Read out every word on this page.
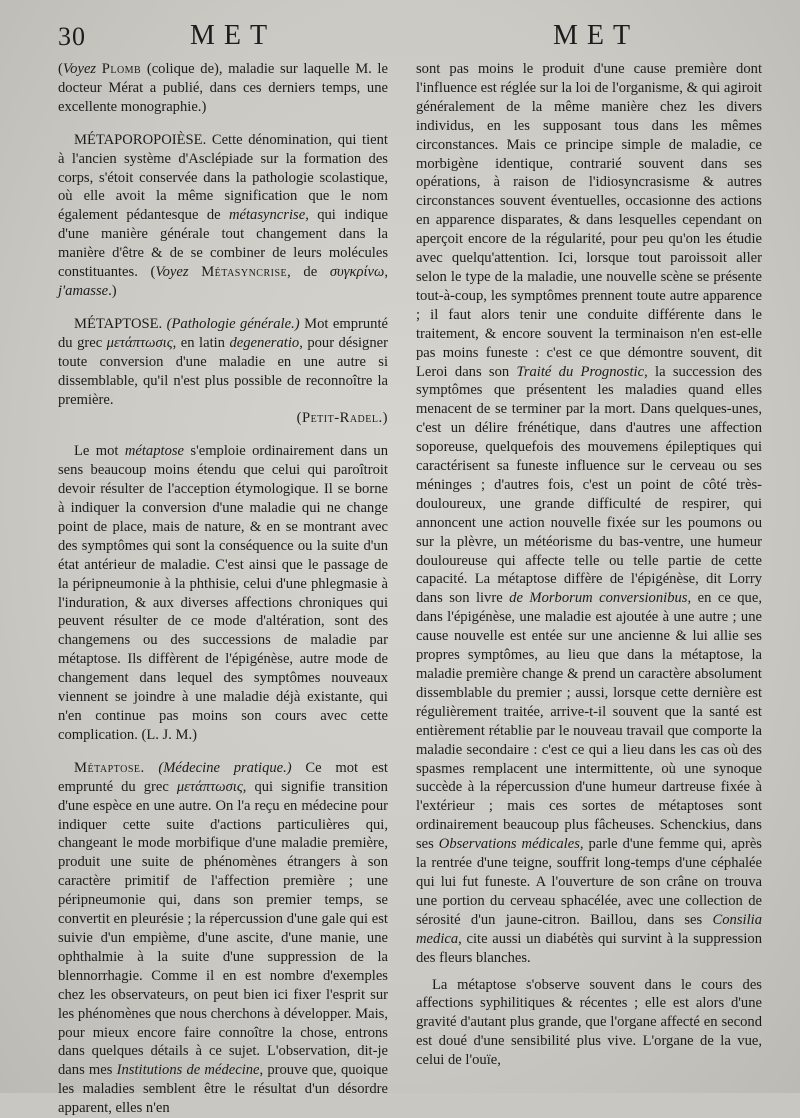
30	MET	MET

(Voyez Plomb (colique de), maladie sur laquelle M. le docteur Mérat a publié, dans ces derniers temps, une excellente monographie.)

MÉTAPOROPOIÈSE. Cette dénomination, qui tient à l'ancien système d'Asclépiade sur la formation des corps, s'étoit conservée dans la pathologie scolastique, où elle avoit la même signification que le nom également pédantesque de métasyncrise, qui indique d'une manière générale tout changement dans la manière d'être & de se combiner de leurs molécules constituantes. (Voyez Métasyncrise, de συγκρίνω, j'amasse.)

MÉTAPTOSE. (Pathologie générale.) Mot emprunté du grec μετάπτωσις, en latin degeneratio, pour désigner toute conversion d'une maladie en une autre si dissemblable, qu'il n'est plus possible de reconnoître la première.

(Petit-Radel.)

Le mot métaptose s'emploie ordinairement dans un sens beaucoup moins étendu que celui qui paroîtroit devoir résulter de l'acception étymologique. Il se borne à indiquer la conversion d'une maladie qui ne change point de place, mais de nature, & en se montrant avec des symptômes qui sont la conséquence ou la suite d'un état antérieur de maladie. C'est ainsi que le passage de la péripneumonie à la phthisie, celui d'une phlegmasie à l'induration, & aux diverses affections chroniques qui peuvent résulter de ce mode d'altération, sont des changemens ou des successions de maladie par métaptose. Ils diffèrent de l'épigénèse, autre mode de changement dans lequel des symptômes nouveaux viennent se joindre à une maladie déjà existante, qui n'en continue pas moins son cours avec cette complication. (L. J. M.)

Métaptose. (Médecine pratique.) Ce mot est emprunté du grec μετάπτωσις, qui signifie transition d'une espèce en une autre. On l'a reçu en médecine pour indiquer cette suite d'actions particulières qui, changeant le mode morbifique d'une maladie première, produit une suite de phénomènes étrangers à son caractère primitif de l'affection première ; une péripneumonie qui, dans son premier temps, se convertit en pleurésie ; la répercussion d'une gale qui est suivie d'un empième, d'une ascite, d'une manie, une ophthalmie à la suite d'une suppression de la blennorrhagie. Comme il en est nombre d'exemples chez les observateurs, on peut bien ici fixer l'esprit sur les phénomènes que nous cherchons à développer. Mais, pour mieux encore faire connoître la chose, entrons dans quelques détails à ce sujet. L'observation, dit-je dans mes Institutions de médecine, prouve que, quoique les maladies semblent être le résultat d'un désordre apparent, elles n'en

sont pas moins le produit d'une cause première dont l'influence est réglée sur la loi de l'organisme, & qui agiroit généralement de la même manière chez les divers individus, en les supposant tous dans les mêmes circonstances. Mais ce principe simple de maladie, ce morbigène identique, contrarié souvent dans ses opérations, à raison de l'idiosyncrasisme & autres circonstances souvent éventuelles, occasionne des actions en apparence disparates, & dans lesquelles cependant on aperçoit encore de la régularité, pour peu qu'on les étudie avec quelqu'attention. Ici, lorsque tout paroissoit aller selon le type de la maladie, une nouvelle scène se présente tout-à-coup, les symptômes prennent toute autre apparence ; il faut alors tenir une conduite différente dans le traitement, & encore souvent la terminaison n'en est-elle pas moins funeste : c'est ce que démontre souvent, dit Leroi dans son Traité du Prognostic, la succession des symptômes que présentent les maladies quand elles menacent de se terminer par la mort. Dans quelques-unes, c'est un délire frénétique, dans d'autres une affection soporeuse, quelquefois des mouvemens épileptiques qui caractérisent sa funeste influence sur le cerveau ou ses méninges ; d'autres fois, c'est un point de côté très-douloureux, une grande difficulté de respirer, qui annoncent une action nouvelle fixée sur les poumons ou sur la plèvre, un météorisme du bas-ventre, une humeur douloureuse qui affecte telle ou telle partie de cette capacité. La métaptose diffère de l'épigénèse, dit Lorry dans son livre de Morborum conversionibus, en ce que, dans l'épigénèse, une maladie est ajoutée à une autre ; une cause nouvelle est entée sur une ancienne & lui allie ses propres symptômes, au lieu que dans la métaptose, la maladie première change & prend un caractère absolument dissemblable du premier ; aussi, lorsque cette dernière est régulièrement traitée, arrive-t-il souvent que la santé est entièrement rétablie par le nouveau travail que comporte la maladie secondaire : c'est ce qui a lieu dans les cas où des spasmes remplacent une intermittente, où une synoque succède à la répercussion d'une humeur dartreuse fixée à l'extérieur ; mais ces sortes de métaptoses sont ordinairement beaucoup plus fâcheuses. Schenckius, dans ses Observations médicales, parle d'une femme qui, après la rentrée d'une teigne, souffrit long-temps d'une céphalée qui lui fut funeste. A l'ouverture de son crâne on trouva une portion du cerveau sphacélée, avec une collection de sérosité d'un jaune-citron. Baillou, dans ses Consilia medica, cite aussi un diabétès qui survint à la suppression des fleurs blanches.

La métaptose s'observe souvent dans le cours des affections syphilitiques & récentes ; elle est alors d'une gravité d'autant plus grande, que l'organe affecté en second est doué d'une sensibilité plus vive. L'organe de la vue, celui de l'ouïe,
